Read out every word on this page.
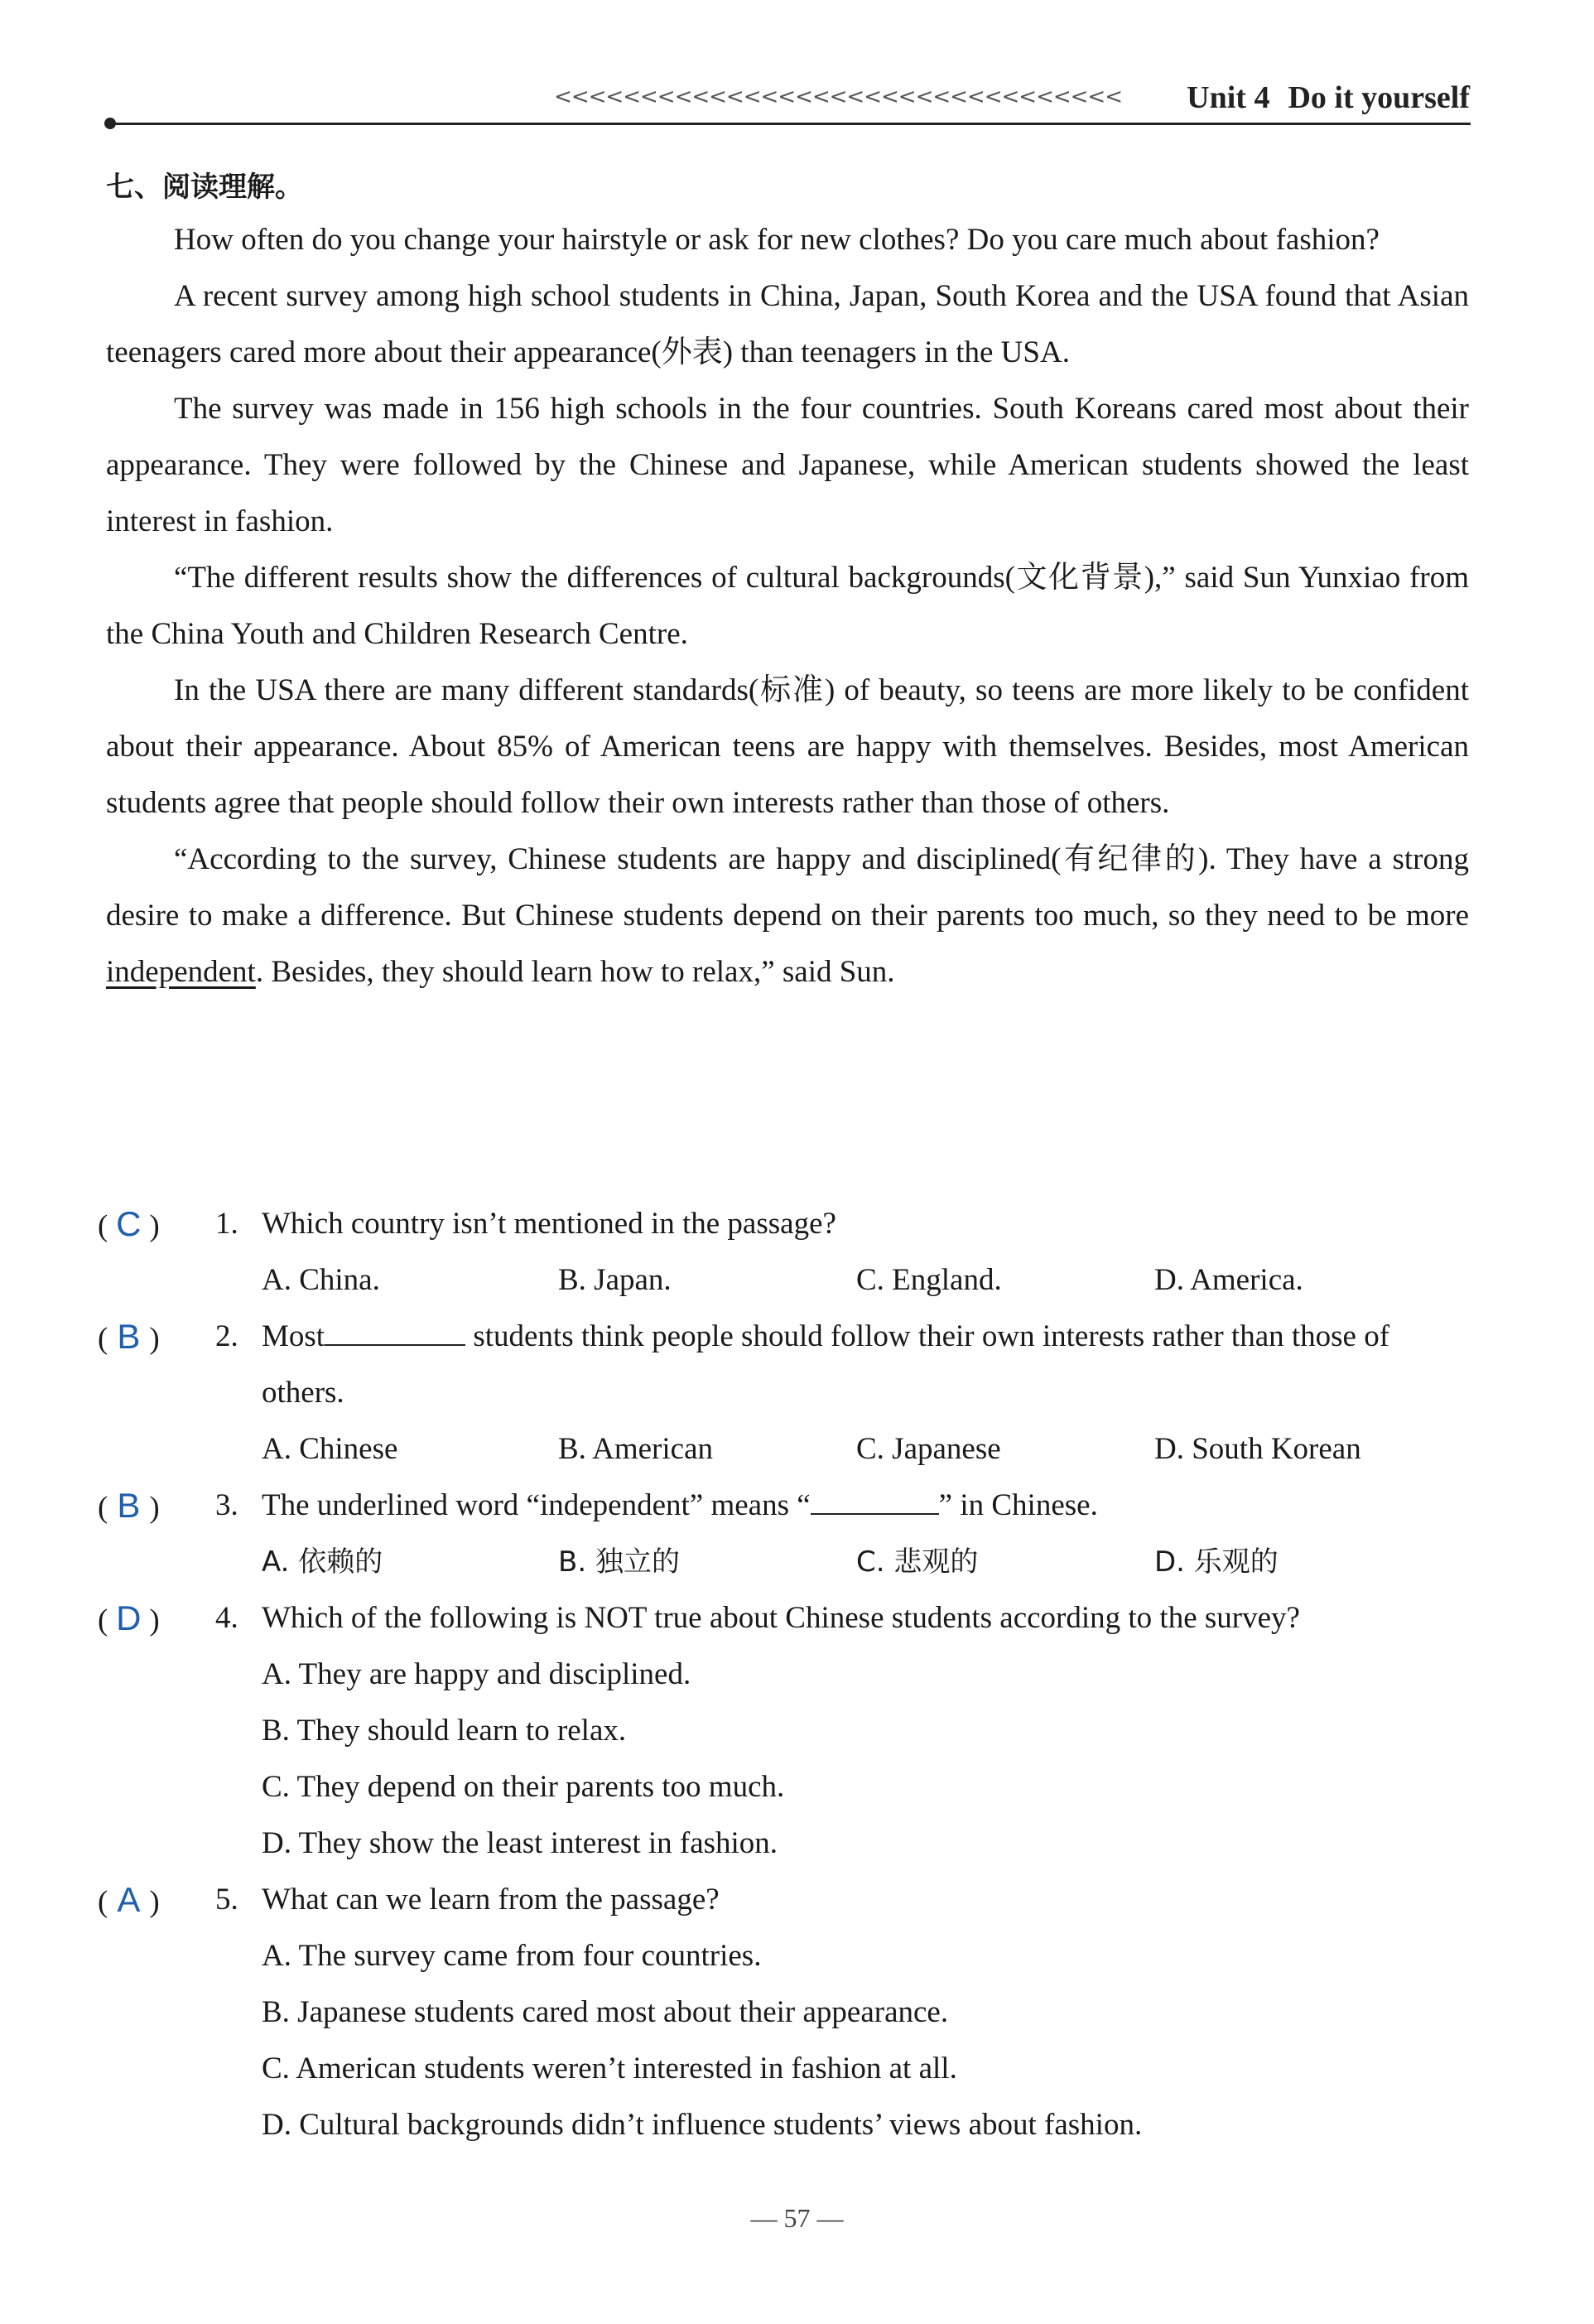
<<<<<<<<<<<<<<<<<<<<<<<<<<<<<<<<< Unit 4 Do it yourself
七、阅读理解。

How often do you change your hairstyle or ask for new clothes? Do you care much about fashion?

A recent survey among high school students in China, Japan, South Korea and the USA found that Asian teenagers cared more about their appearance(外表) than teenagers in the USA.

The survey was made in 156 high schools in the four countries. South Koreans cared most about their appearance. They were followed by the Chinese and Japanese, while American students showed the least interest in fashion.

“The different results show the differences of cultural backgrounds(文化背景),” said Sun Yunxiao from the China Youth and Children Research Centre.

In the USA there are many different standards(标准) of beauty, so teens are more likely to be confident about their appearance. About 85% of American teens are happy with themselves. Besides, most American students agree that people should follow their own interests rather than those of others.

“According to the survey, Chinese students are happy and disciplined(有纪律的). They have a strong desire to make a difference. But Chinese students depend on their parents too much, so they need to be more independent. Besides, they should learn how to relax,” said Sun.

( C ) 1. Which country isn’t mentioned in the passage?
A. China.	B. Japan.	C. England.	D. America.
( B ) 2. Most	students think people should follow their own interests rather than those of others.
A. Chinese	B. American	C. Japanese	D. South Korean
( B ) 3. The underlined word “independent” means “	” in Chinese.
A. 依赖的	B. 独立的	C. 悲观的	D. 乐观的
( D ) 4. Which of the following is NOT true about Chinese students according to the survey?
A. They are happy and disciplined.
B. They should learn to relax.
C. They depend on their parents too much.
D. They show the least interest in fashion.
( A ) 5. What can we learn from the passage?
A. The survey came from four countries.
B. Japanese students cared most about their appearance.
C. American students weren’t interested in fashion at all.
D. Cultural backgrounds didn’t influence students’ views about fashion.
— 57 —
